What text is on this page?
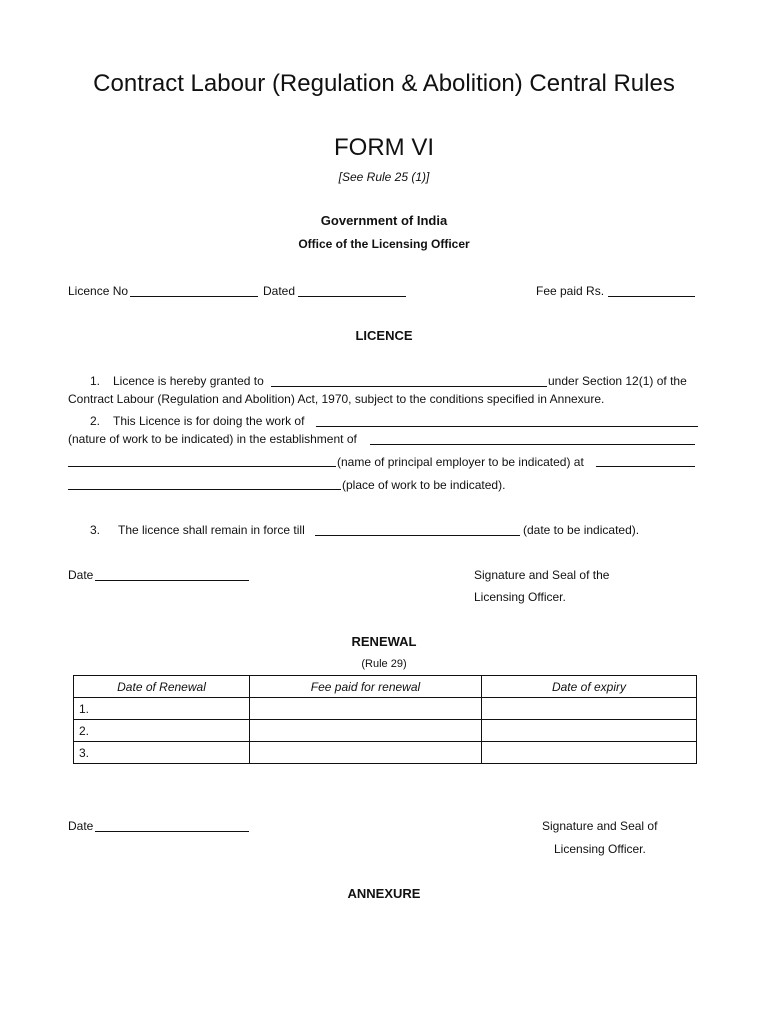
Contract Labour (Regulation & Abolition) Central Rules
FORM VI
[See Rule 25 (1)]
Government of India
Office of the Licensing Officer
Licence No	Dated	Fee paid Rs.
LICENCE
1. Licence is hereby granted to	under Section 12(1) of the
Contract Labour (Regulation and Abolition) Act, 1970, subject to the conditions specified in Annexure.
2. This Licence is for doing the work of
(nature of work to be indicated) in the establishment of
(name of principal employer to be indicated) at
(place of work to be indicated).
3. The licence shall remain in force till	(date to be indicated).
Date	Signature and Seal of the
Licensing Officer.
RENEWAL
(Rule 29)
Date of Renewal	Fee paid for renewal	Date of expiry
1.		
2.		
3.		
Date	Signature and Seal of
Licensing Officer.
ANNEXURE
